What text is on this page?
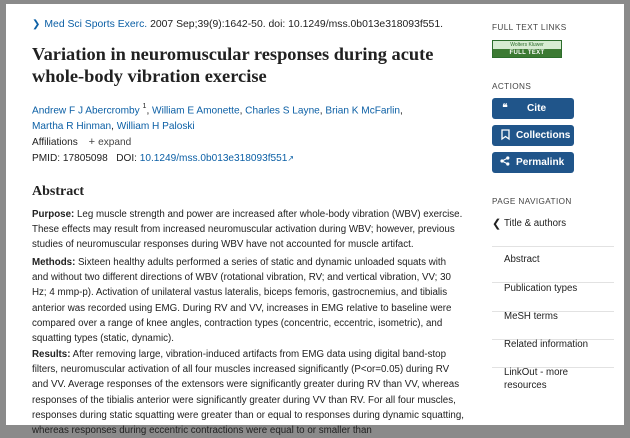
❯ Med Sci Sports Exerc. 2007 Sep;39(9):1642-50. doi: 10.1249/mss.0b013e318093f551.
Variation in neuromuscular responses during acute whole-body vibration exercise
Andrew F J Abercromby $^1$, William E Amonette, Charles S Layne, Brian K McFarlin,
Martha R Hinman, William H Paloski
Affiliations + expand
PMID: 17805098 DOI: 10.1249/mss.0b013e318093f551↗
Abstract

Purpose: Leg muscle strength and power are increased after whole-body vibration (WBV) exercise. These effects may result from increased neuromuscular activation during WBV; however, previous studies of neuromuscular responses during WBV have not accounted for muscle artifact.

Methods: Sixteen healthy adults performed a series of static and dynamic unloaded squats with and without two different directions of WBV (rotational vibration, RV; and vertical vibration, VV; 30 Hz; 4 mmp-p). Activation of unilateral vastus lateralis, biceps femoris, gastrocnemius, and tibialis anterior was recorded using EMG. During RV and VV, increases in EMG relative to baseline were compared over a range of knee angles, contraction types (concentric, eccentric, isometric), and squatting types (static, dynamic).

Results: After removing large, vibration-induced artifacts from EMG data using digital band-stop filters, neuromuscular activation of all four muscles increased significantly (P<or=0.05) during RV and VV. Average responses of the extensors were significantly greater during RV than VV, whereas responses of the tibialis anterior were significantly greater during VV than RV. For all four muscles, responses during static squatting were greater than or equal to responses during dynamic squatting, whereas responses during eccentric contractions were equal to or smaller than

FULL TEXT LINKS
Wolters Kluwer
FULL TEXT
ACTIONS
❝	Cite
Collections
Permalink
PAGE NAVIGATION
❮ Title & authors
Abstract
Publication types
MeSH terms
Related information
LinkOut - more resources
